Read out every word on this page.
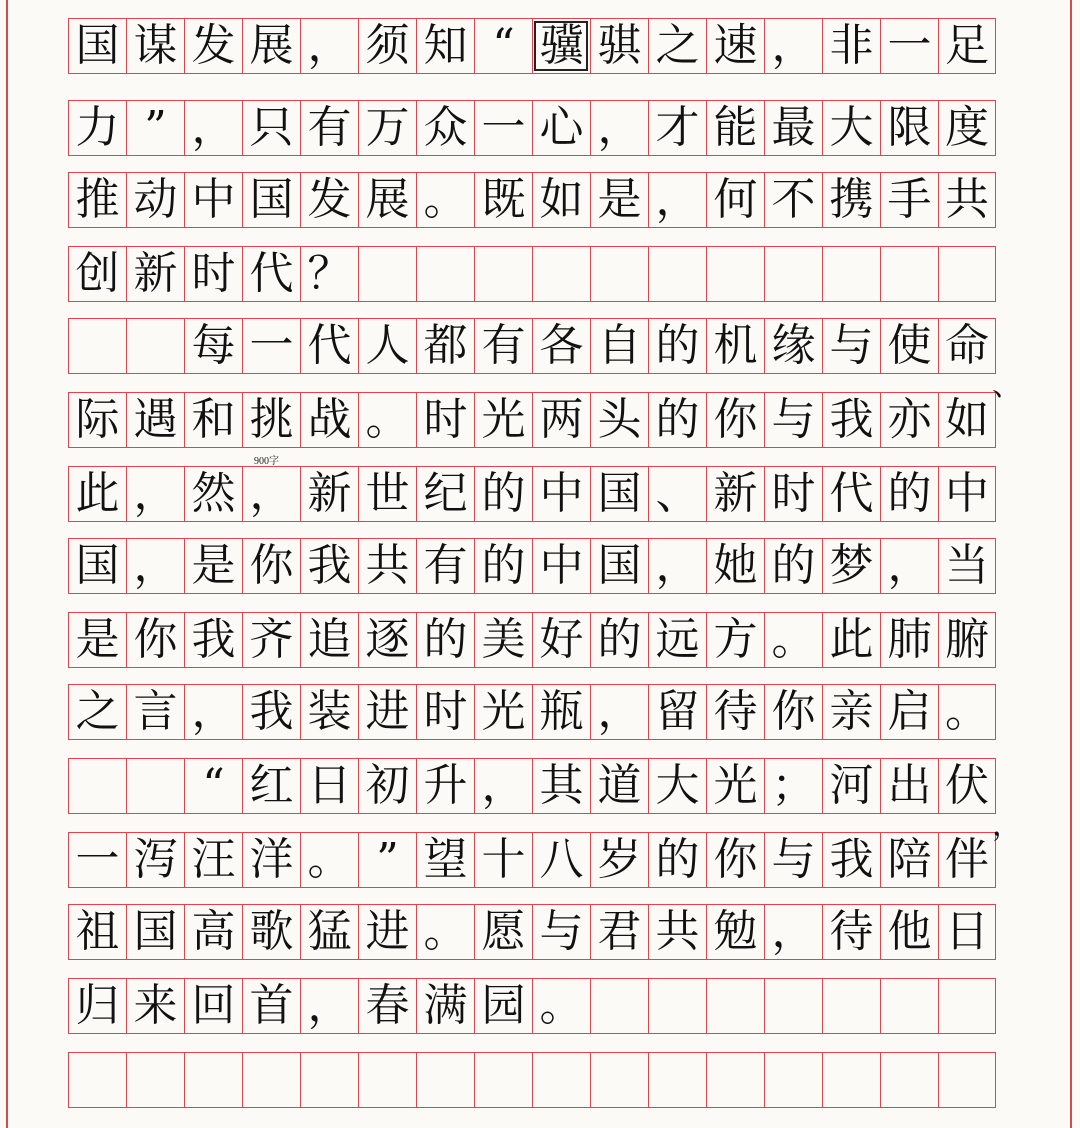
国 谋 发 展 ， 须 知 “ 骥 骐 之 速 ， 非 一 足
力 ” ， 只 有 万 众 一 心 ， 才 能 最 大 限 度
推 动 中 国 发 展 。 既 如 是 ， 何 不 携 手 共
创 新 时 代 ？
每 一 代 人 都 有 各 自 的 机 缘 与 使 命
际 遇 和 挑 战 。 时 光 两 头 的 你 与 我 亦 如
此 ， 然 ， 新 世 纪 的 中 国 、 新 时 代 的 中
国 ， 是 你 我 共 有 的 中 国 ， 她 的 梦 ， 当
是 你 我 齐 追 逐 的 美 好 的 远 方 。 此 肺 腑
之 言 ， 我 装 进 时 光 瓶 ， 留 待 你 亲 启 。
“ 红 日 初 升 ， 其 道 大 光 ； 河 出 伏
一 泻 汪 洋 。 ” 望 十 八 岁 的 你 与 我 陪 伴
祖 国 高 歌 猛 进 。 愿 与 君 共 勉 ， 待 他 日
归 来 回 首 ， 春 满 园 。
900字
、
，
